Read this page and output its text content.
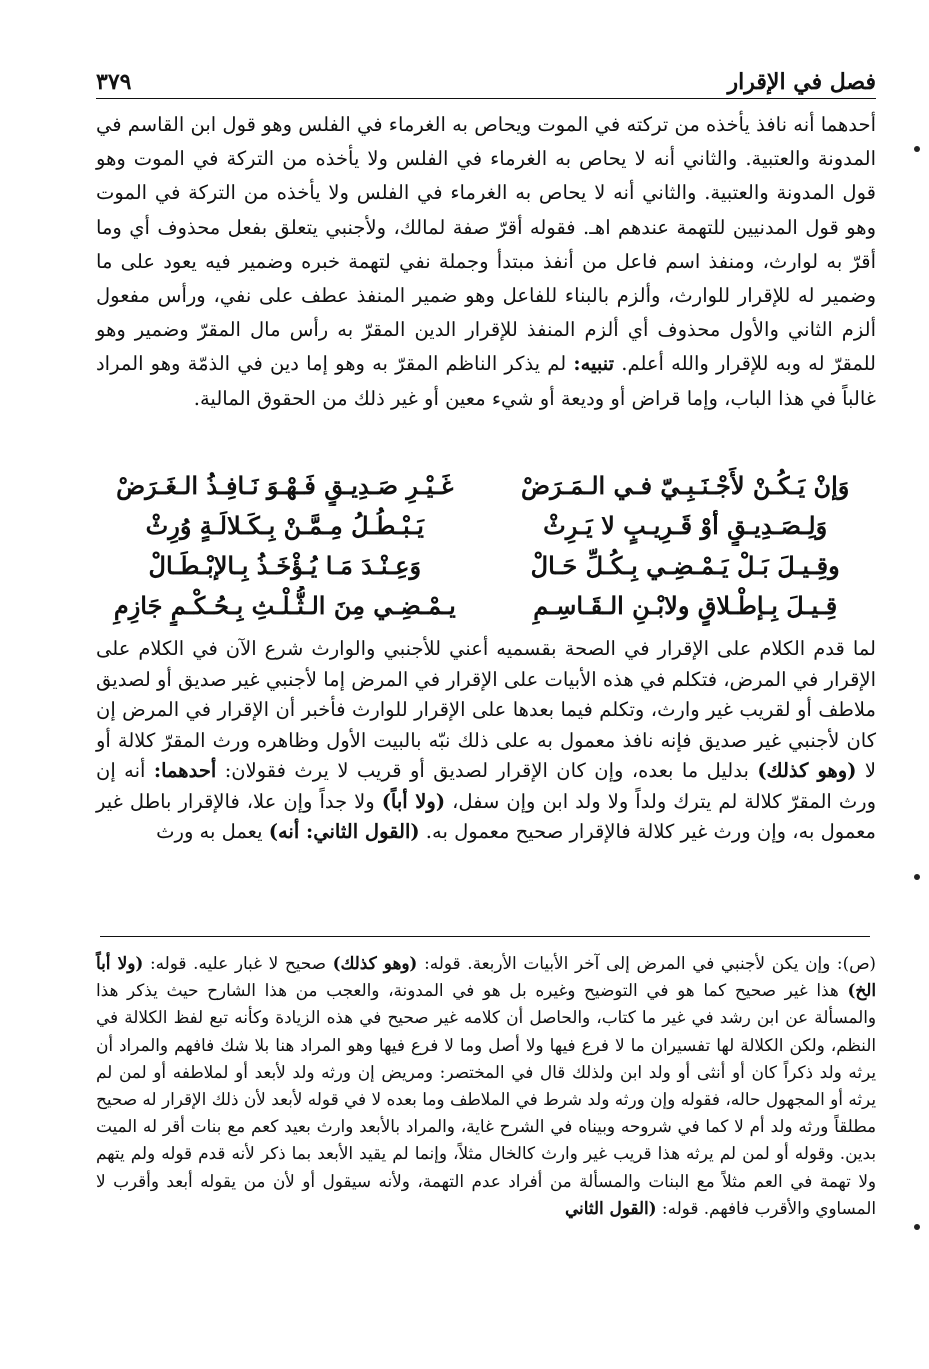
فصل في الإقرار
٣٧٩

أحدهما أنه نافذ يأخذه من تركته في الموت ويحاص به الغرماء في الفلس وهو قول ابن القاسم في المدونة والعتبية. والثاني أنه لا يحاص به الغرماء في الفلس ولا يأخذه من التركة في الموت وهو قول المدونة والعتبية. والثاني أنه لا يحاص به الغرماء في الفلس ولا يأخذه من التركة في الموت وهو قول المدنيين للتهمة عندهم اهـ. فقوله أقرّ صفة لمالك، ولأجنبي يتعلق بفعل محذوف أي وما أقرّ به لوارث، ومنفذ اسم فاعل من أنفذ مبتدأ وجملة نفي لتهمة خبره وضمير فيه يعود على ما وضمير له للإقرار للوارث، وألزم بالبناء للفاعل وهو ضمير المنفذ عطف على نفي، ورأس مفعول ألزم الثاني والأول محذوف أي ألزم المنفذ للإقرار الدين المقرّ به رأس مال المقرّ وضمير وهو للمقرّ له وبه للإقرار والله أعلم. تنبيه: لم يذكر الناظم المقرّ به وهو إما دين في الذمّة وهو المراد غالباً في هذا الباب، وإما قراض أو وديعة أو شيء معين أو غير ذلك من الحقوق المالية.

وَإنْ يَـكُـنْ لأَجْـنَـبِـيّ فـي الـمَـرَضْ
غَـيْـرِ صَـدِيـقٍ فَـهْـوَ نَـافِـذُ الـغَـرَضْ
وَلِـصَـدِيـقٍ أوْ قَـرِيـبٍ لا يَـرِثْ
يَـبْـطُـلُ مِـمَّـنْ بِـكَـلالَـةٍ وُرِثْ
وقِـيـلَ بَـلْ يَـمْـضِـي بِـكُـلِّ حَـالْ
وَعِـنْـدَ مَـا يُـؤْخَـذُ بِـالإبْـطَـالْ
قِـيـلَ بِـإطْـلاقٍ ولابْـنِ الـقَـاسِـمِ
يـمْـضِـي مِنَ الـثُّـلْـثِ بِـحُـكْـمٍ جَازِمِ
لما قدم الكلام على الإقرار في الصحة بقسميه أعني للأجنبي والوارث شرع الآن في الكلام على الإقرار في المرض، فتكلم في هذه الأبيات على الإقرار في المرض إما لأجنبي غير صديق أو لصديق ملاطف أو لقريب غير وارث، وتكلم فيما بعدها على الإقرار للوارث فأخبر أن الإقرار في المرض إن كان لأجنبي غير صديق فإنه نافذ معمول به على ذلك نبّه بالبيت الأول وظاهره ورث المقرّ كلالة أو لا (وهو كذلك) بدليل ما بعده، وإن كان الإقرار لصديق أو قريب لا يرث فقولان: أحدهما: أنه إن ورث المقرّ كلالة لم يترك ولداً ولا ولد ابن وإن سفل، (ولا أباً) ولا جداً وإن علا، فالإقرار باطل غير معمول به، وإن ورث غير كلالة فالإقرار صحيح معمول به. (القول الثاني: أنه) يعمل به ورث
(ص): وإن يكن لأجنبي في المرض إلى آخر الأبيات الأربعة. قوله: (وهو كذلك) صحيح لا غبار عليه. قوله: (ولا أباً الخ) هذا غير صحيح كما هو في التوضيح وغيره بل هو في المدونة، والعجب من هذا الشارح حيث يذكر هذا والمسألة عن ابن رشد في غير ما كتاب، والحاصل أن كلامه غير صحيح في هذه الزيادة وكأنه تبع لفظ الكلالة في النظم، ولكن الكلالة لها تفسيران ما لا فرع فيها ولا أصل وما لا فرع فيها وهو المراد هنا بلا شك فافهم والمراد أن يرثه ولد ذكراً كان أو أنثى أو ولد ابن ولذلك قال في المختصر: ومريض إن ورثه ولد لأبعد أو لملاطفه أو لمن لم يرثه أو المجهول حاله، فقوله وإن ورثه ولد شرط في الملاطف وما بعده لا في قوله لأبعد لأن ذلك الإقرار له صحيح مطلقاً ورثه ولد أم لا كما في شروحه وبيناه في الشرح غاية، والمراد بالأبعد وارث بعيد كعم مع بنات أقر له الميت بدين. وقوله أو لمن لم يرثه هذا قريب غير وارث كالخال مثلاً، وإنما لم يقيد الأبعد بما ذكر لأنه قدم قوله ولم يتهم ولا تهمة في العم مثلاً مع البنات والمسألة من أفراد عدم التهمة، ولأنه سيقول أو لأن من يقوله أبعد وأقرب لا المساوي والأقرب فافهم. قوله: (القول الثاني
